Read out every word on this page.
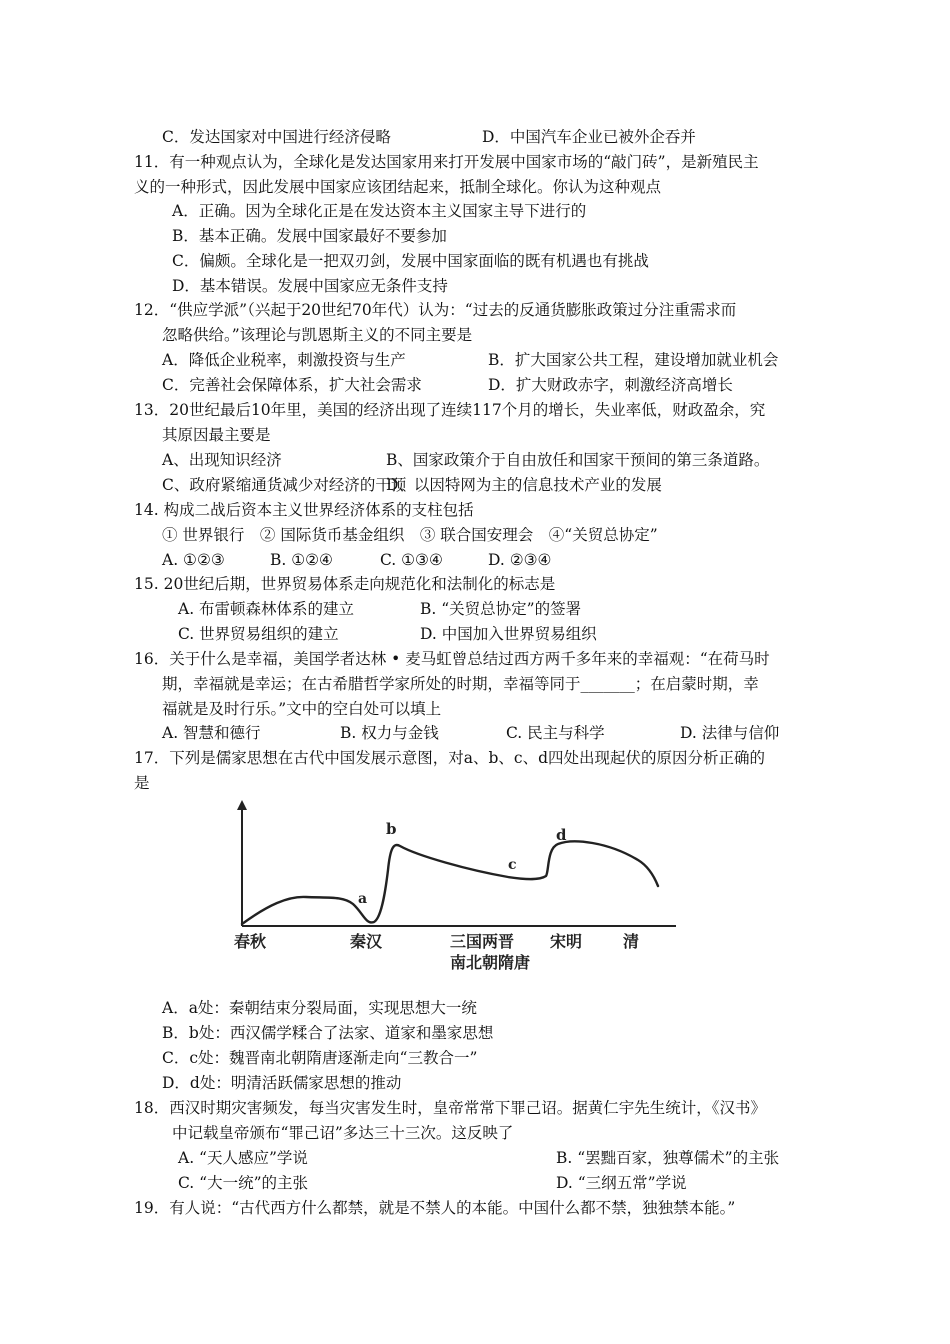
C．发达国家对中国进行经济侵略	D．中国汽车企业已被外企吞并
11．有一种观点认为，全球化是发达国家用来打开发展中国家市场的“敲门砖”，是新殖民主
义的一种形式，因此发展中国家应该团结起来，抵制全球化。你认为这种观点
A．正确。因为全球化正是在发达资本主义国家主导下进行的
B．基本正确。发展中国家最好不要参加
C．偏颇。全球化是一把双刃剑，发展中国家面临的既有机遇也有挑战
D．基本错误。发展中国家应无条件支持
12．“供应学派”（兴起于20世纪70年代）认为：“过去的反通货膨胀政策过分注重需求而
忽略供给。”该理论与凯恩斯主义的不同主要是
A．降低企业税率，刺激投资与生产	B．扩大国家公共工程，建设增加就业机会
C．完善社会保障体系，扩大社会需求	D．扩大财政赤字，刺激经济高增长
13．20世纪最后10年里，美国的经济出现了连续117个月的增长，失业率低，财政盈余，究
其原因最主要是
A、出现知识经济	B、国家政策介于自由放任和国家干预间的第三条道路。
C、政府紧缩通货减少对经济的干预
D、以因特网为主的信息技术产业的发展
14. 构成二战后资本主义世界经济体系的支柱包括
① 世界银行　② 国际货币基金组织　③ 联合国安理会　④“关贸总协定”
A. ①②③	B. ①②④	C. ①③④	D. ②③④
15. 20世纪后期，世界贸易体系走向规范化和法制化的标志是
A. 布雷顿森林体系的建立	B. “关贸总协定”的签署
C. 世界贸易组织的建立	D. 中国加入世界贸易组织
16．关于什么是幸福，美国学者达林 • 麦马虹曾总结过西方两千多年来的幸福观：“在荷马时
期，幸福就是幸运；在古希腊哲学家所处的时期，幸福等同于_______；在启蒙时期，幸
福就是及时行乐。”文中的空白处可以填上
A. 智慧和德行	B. 权力与金钱	C. 民主与科学	D. 法律与信仰
17．下列是儒家思想在古代中国发展示意图，对a、b、c、d四处出现起伏的原因分析正确的
是
a
b
c
d
春秋	秦汉	三国两晋
南北朝隋唐
宋明	清
A．a处：秦朝结束分裂局面，实现思想大一统
B．b处：西汉儒学糅合了法家、道家和墨家思想
C．c处：魏晋南北朝隋唐逐渐走向“三教合一”
D．d处：明清活跃儒家思想的推动
18．西汉时期灾害频发，每当灾害发生时，皇帝常常下罪己诏。据黄仁宇先生统计，《汉书》
中记载皇帝颁布“罪己诏”多达三十三次。这反映了
A. “天人感应”学说	B. “罢黜百家，独尊儒术”的主张
C. “大一统”的主张	D. “三纲五常”学说
19．有人说：“古代西方什么都禁，就是不禁人的本能。中国什么都不禁，独独禁本能。”
